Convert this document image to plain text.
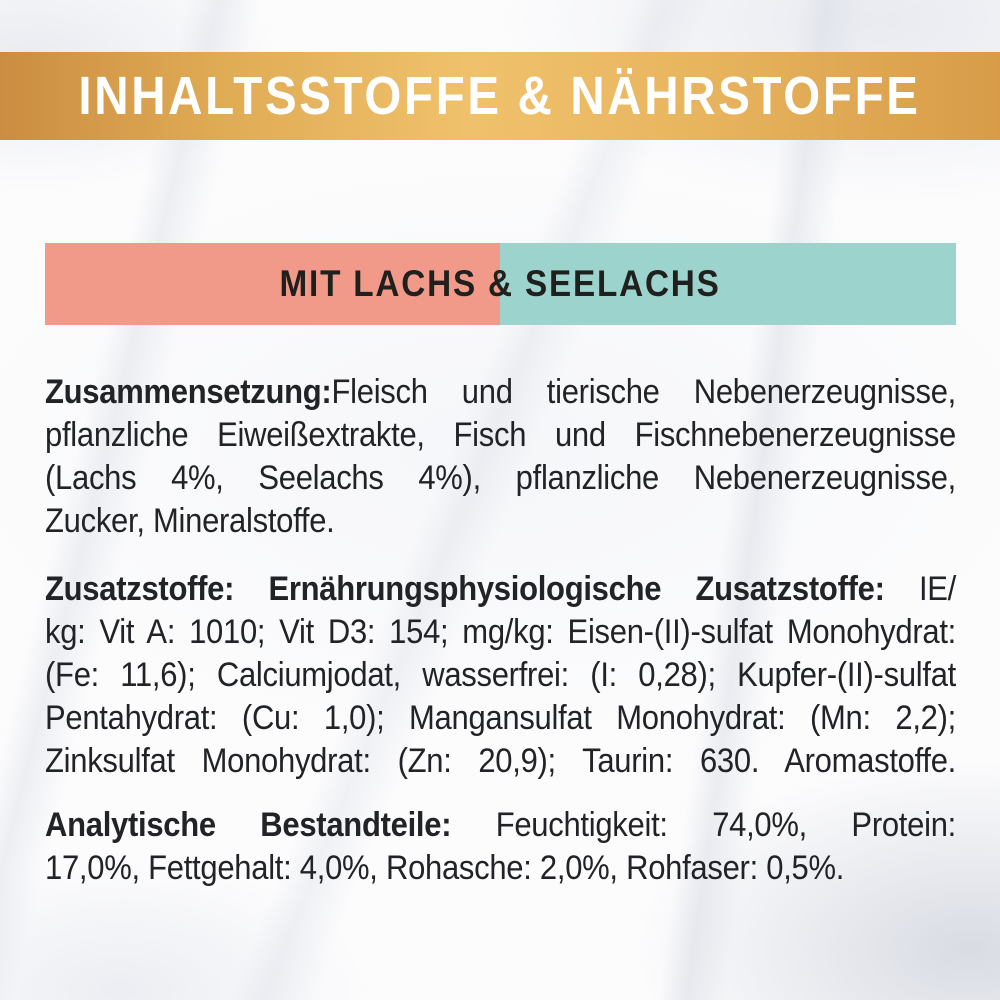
INHALTSSTOFFE & NÄHRSTOFFE
MIT LACHS & SEELACHS
Zusammensetzung:Fleisch und tierische Nebenerzeugnisse,
pflanzliche Eiweißextrakte, Fisch und Fischnebenerzeugnisse
(Lachs 4%, Seelachs 4%), pflanzliche Nebenerzeugnisse,
Zucker, Mineralstoffe.
Zusatzstoffe: Ernährungsphysiologische Zusatzstoffe: IE/
kg: Vit A: 1010; Vit D3: 154; mg/kg: Eisen-(II)-sulfat Monohydrat:
(Fe: 11,6); Calciumjodat, wasserfrei: (I: 0,28); Kupfer-(II)-sulfat
Pentahydrat: (Cu: 1,0); Mangansulfat Monohydrat: (Mn: 2,2);
Zinksulfat Monohydrat: (Zn: 20,9); Taurin: 630. Aromastoffe.
Analytische Bestandteile: Feuchtigkeit: 74,0%, Protein:
17,0%, Fettgehalt: 4,0%, Rohasche: 2,0%, Rohfaser: 0,5%.
